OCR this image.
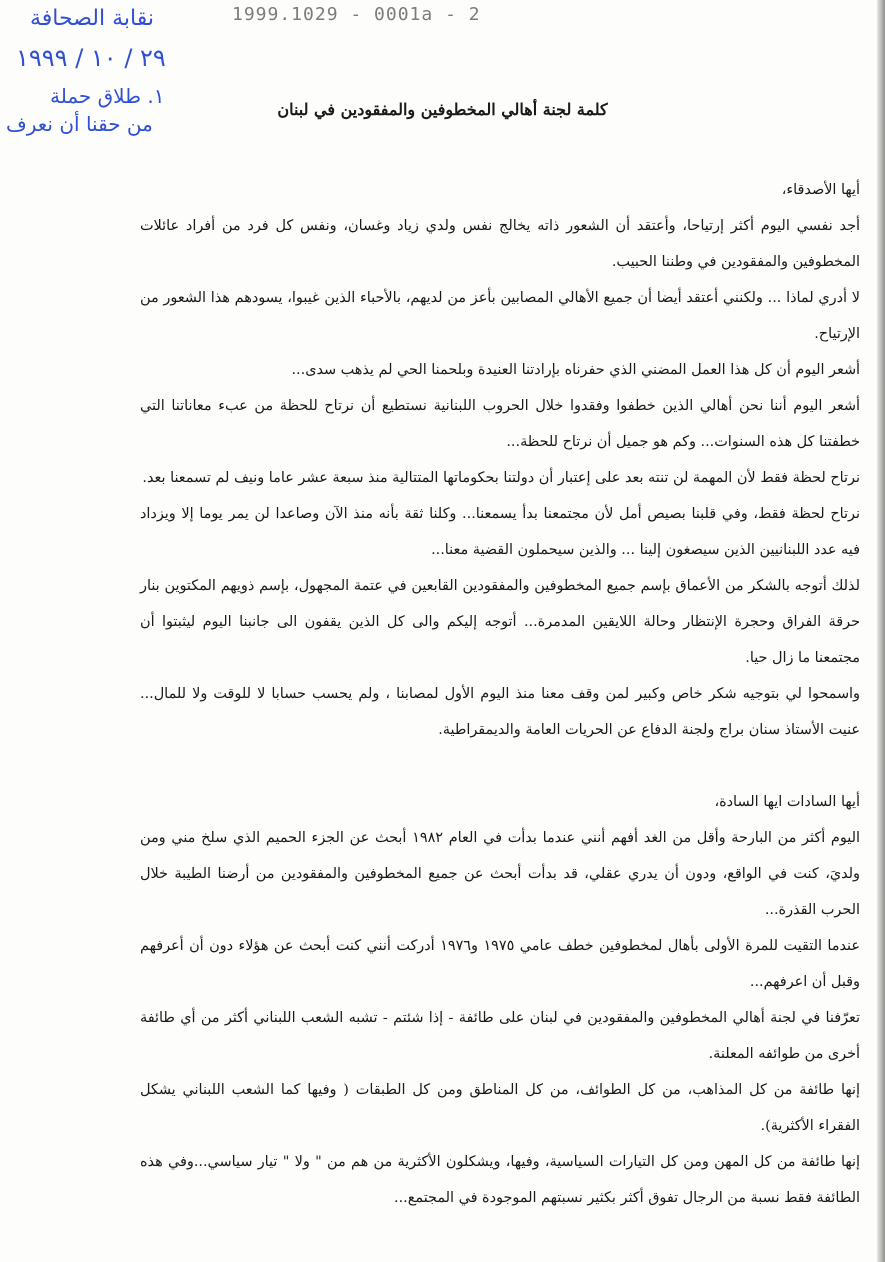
نقابة الصحافة
٢٩ / ١٠ / ١٩٩٩
١. طلاق حملة
من حقنا أن نعرف
1999.1029 - 0001a - 2
كلمة لجنة أهالي المخطوفين والمفقودين في لبنان

أيها الأصدقاء،

أجد نفسي اليوم أكثر إرتياحا، وأعتقد أن الشعور ذاته يخالج نفس ولدي زياد وغسان، ونفس كل فرد من أفراد عائلات المخطوفين والمفقودين في وطننا الحبيب.

لا أدري لماذا ... ولكنني أعتقد أيضا أن جميع الأهالي المصابين بأعز من لديهم، بالأحباء الذين غيبوا، يسودهم هذا الشعور من الإرتياح.

أشعر اليوم أن كل هذا العمل المضني الذي حفرناه بإرادتنا العنيدة وبلحمنا الحي لم يذهب سدى...

أشعر اليوم أننا نحن أهالي الذين خطفوا وفقدوا خلال الحروب اللبنانية نستطيع أن نرتاح للحظة من عبء معاناتنا التي خطفتنا كل هذه السنوات... وكم هو جميل أن نرتاح للحظة...

نرتاح لحظة فقط لأن المهمة لن تنته بعد على إعتبار أن دولتنا بحكوماتها المتتالية منذ سبعة عشر عاما ونيف لم تسمعنا بعد.

نرتاح لحظة فقط، وفي قلبنا بصيص أمل لأن مجتمعنا بدأ يسمعنا... وكلنا ثقة بأنه منذ الآن وصاعدا لن يمر يوما إلا ويزداد فيه عدد اللبنانيين الذين سيصغون إلينا ... والذين سيحملون القضية معنا...

لذلك أتوجه بالشكر من الأعماق بإسم جميع المخطوفين والمفقودين القابعين في عتمة المجهول، بإسم ذويهم المكتوين بنار حرقة الفراق وحجرة الإنتظار وحالة اللايقين المدمرة... أتوجه إليكم والى كل الذين يقفون الى جانبنا اليوم ليثبتوا أن مجتمعنا ما زال حيا.

واسمحوا لي بتوجيه شكر خاص وكبير لمن وقف معنا منذ اليوم الأول لمصابنا ، ولم يحسب حسابا لا للوقت ولا للمال... عنيت الأستاذ سنان براج ولجنة الدفاع عن الحريات العامة والديمقراطية.

أيها السادات ايها السادة،

اليوم أكثر من البارحة وأقل من الغد أفهم أنني عندما بدأت في العام ١٩٨٢ أبحث عن الجزء الحميم الذي سلخ مني ومن ولديَ، كنت في الواقع، ودون أن يدري عقلي، قد بدأت أبحث عن جميع المخطوفين والمفقودين من أرضنا الطيبة خلال الحرب القذرة...

عندما التقيت للمرة الأولى بأهال لمخطوفين خطف عامي ١٩٧٥ و١٩٧٦ أدركت أنني كنت أبحث عن هؤلاء دون أن أعرفهم وقبل أن اعرفهم...

تعرّفنا في لجنة أهالي المخطوفين والمفقودين في لبنان على طائفة - إذا شئتم - تشبه الشعب اللبناني أكثر من أي طائفة أخرى من طوائفه المعلنة.

إنها طائفة من كل المذاهب، من كل الطوائف، من كل المناطق ومن كل الطبقات ( وفيها كما الشعب اللبناني يشكل الفقراء الأكثرية).

إنها طائفة من كل المهن ومن كل التيارات السياسية، وفيها، ويشكلون الأكثرية من هم من " ولا " تيار سياسي...وفي هذه الطائفة فقط نسبة من الرجال تفوق أكثر بكثير نسبتهم الموجودة في المجتمع...
